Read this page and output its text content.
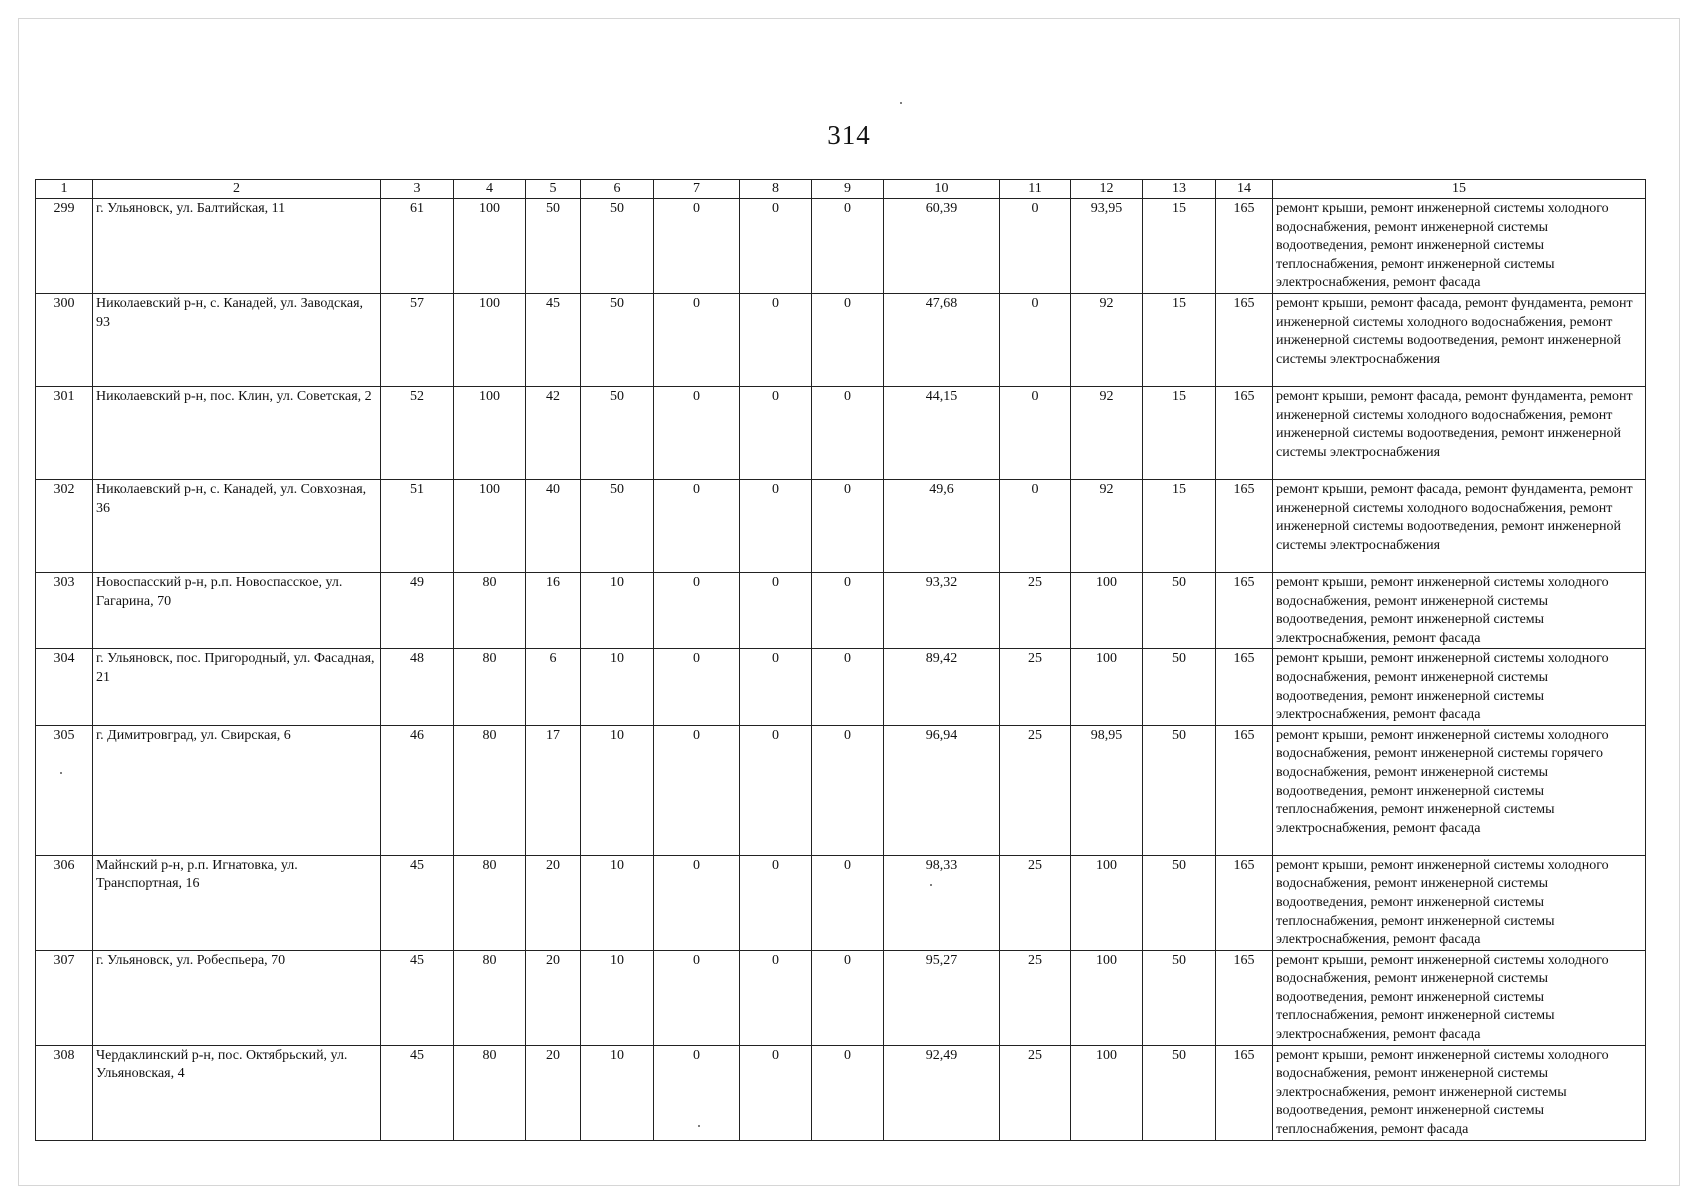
314
1	2	3	4	5	6	7	8	9	10	11	12	13	14	15
299	г. Ульяновск, ул. Балтийская, 11	61	100	50	50	0	0	0	60,39	0	93,95	15	165	ремонт крыши, ремонт инженерной системы холодного водоснабжения, ремонт инженерной системы водоотведения, ремонт инженерной системы теплоснабжения, ремонт инженерной системы электроснабжения, ремонт фасада
300	Николаевский р-н, с. Канадей, ул. Заводская, 93	57	100	45	50	0	0	0	47,68	0	92	15	165	ремонт крыши, ремонт фасада, ремонт фундамента, ремонт инженерной системы холодного водоснабжения, ремонт инженерной системы водоотведения, ремонт инженерной системы электроснабжения
301	Николаевский р-н, пос. Клин, ул. Советская, 2	52	100	42	50	0	0	0	44,15	0	92	15	165	ремонт крыши, ремонт фасада, ремонт фундамента, ремонт инженерной системы холодного водоснабжения, ремонт инженерной системы водоотведения, ремонт инженерной системы электроснабжения
302	Николаевский р-н, с. Канадей, ул. Совхозная, 36	51	100	40	50	0	0	0	49,6	0	92	15	165	ремонт крыши, ремонт фасада, ремонт фундамента, ремонт инженерной системы холодного водоснабжения, ремонт инженерной системы водоотведения, ремонт инженерной системы электроснабжения
303	Новоспасский р-н, р.п. Новоспасское, ул. Гагарина, 70	49	80	16	10	0	0	0	93,32	25	100	50	165	ремонт крыши, ремонт инженерной системы холодного водоснабжения, ремонт инженерной системы водоотведения, ремонт инженерной системы электроснабжения, ремонт фасада
304	г. Ульяновск, пос. Пригородный, ул. Фасадная, 21	48	80	6	10	0	0	0	89,42	25	100	50	165	ремонт крыши, ремонт инженерной системы холодного водоснабжения, ремонт инженерной системы водоотведения, ремонт инженерной системы электроснабжения, ремонт фасада
305	г. Димитровград, ул. Свирская, 6	46	80	17	10	0	0	0	96,94	25	98,95	50	165	ремонт крыши, ремонт инженерной системы холодного водоснабжения, ремонт инженерной системы горячего водоснабжения, ремонт инженерной системы водоотведения, ремонт инженерной системы теплоснабжения, ремонт инженерной системы электроснабжения, ремонт фасада
306	Майнский р-н, р.п. Игнатовка, ул. Транспортная, 16	45	80	20	10	0	0	0	98,33	25	100	50	165	ремонт крыши, ремонт инженерной системы холодного водоснабжения, ремонт инженерной системы водоотведения, ремонт инженерной системы теплоснабжения, ремонт инженерной системы электроснабжения, ремонт фасада
307	г. Ульяновск, ул. Робеспьера, 70	45	80	20	10	0	0	0	95,27	25	100	50	165	ремонт крыши, ремонт инженерной системы холодного водоснабжения, ремонт инженерной системы водоотведения, ремонт инженерной системы теплоснабжения, ремонт инженерной системы электроснабжения, ремонт фасада
308	Чердаклинский р-н, пос. Октябрьский, ул. Ульяновская, 4	45	80	20	10	0	0	0	92,49	25	100	50	165	ремонт крыши, ремонт инженерной системы холодного водоснабжения, ремонт инженерной системы электроснабжения, ремонт инженерной системы водоотведения, ремонт инженерной системы теплоснабжения, ремонт фасада
